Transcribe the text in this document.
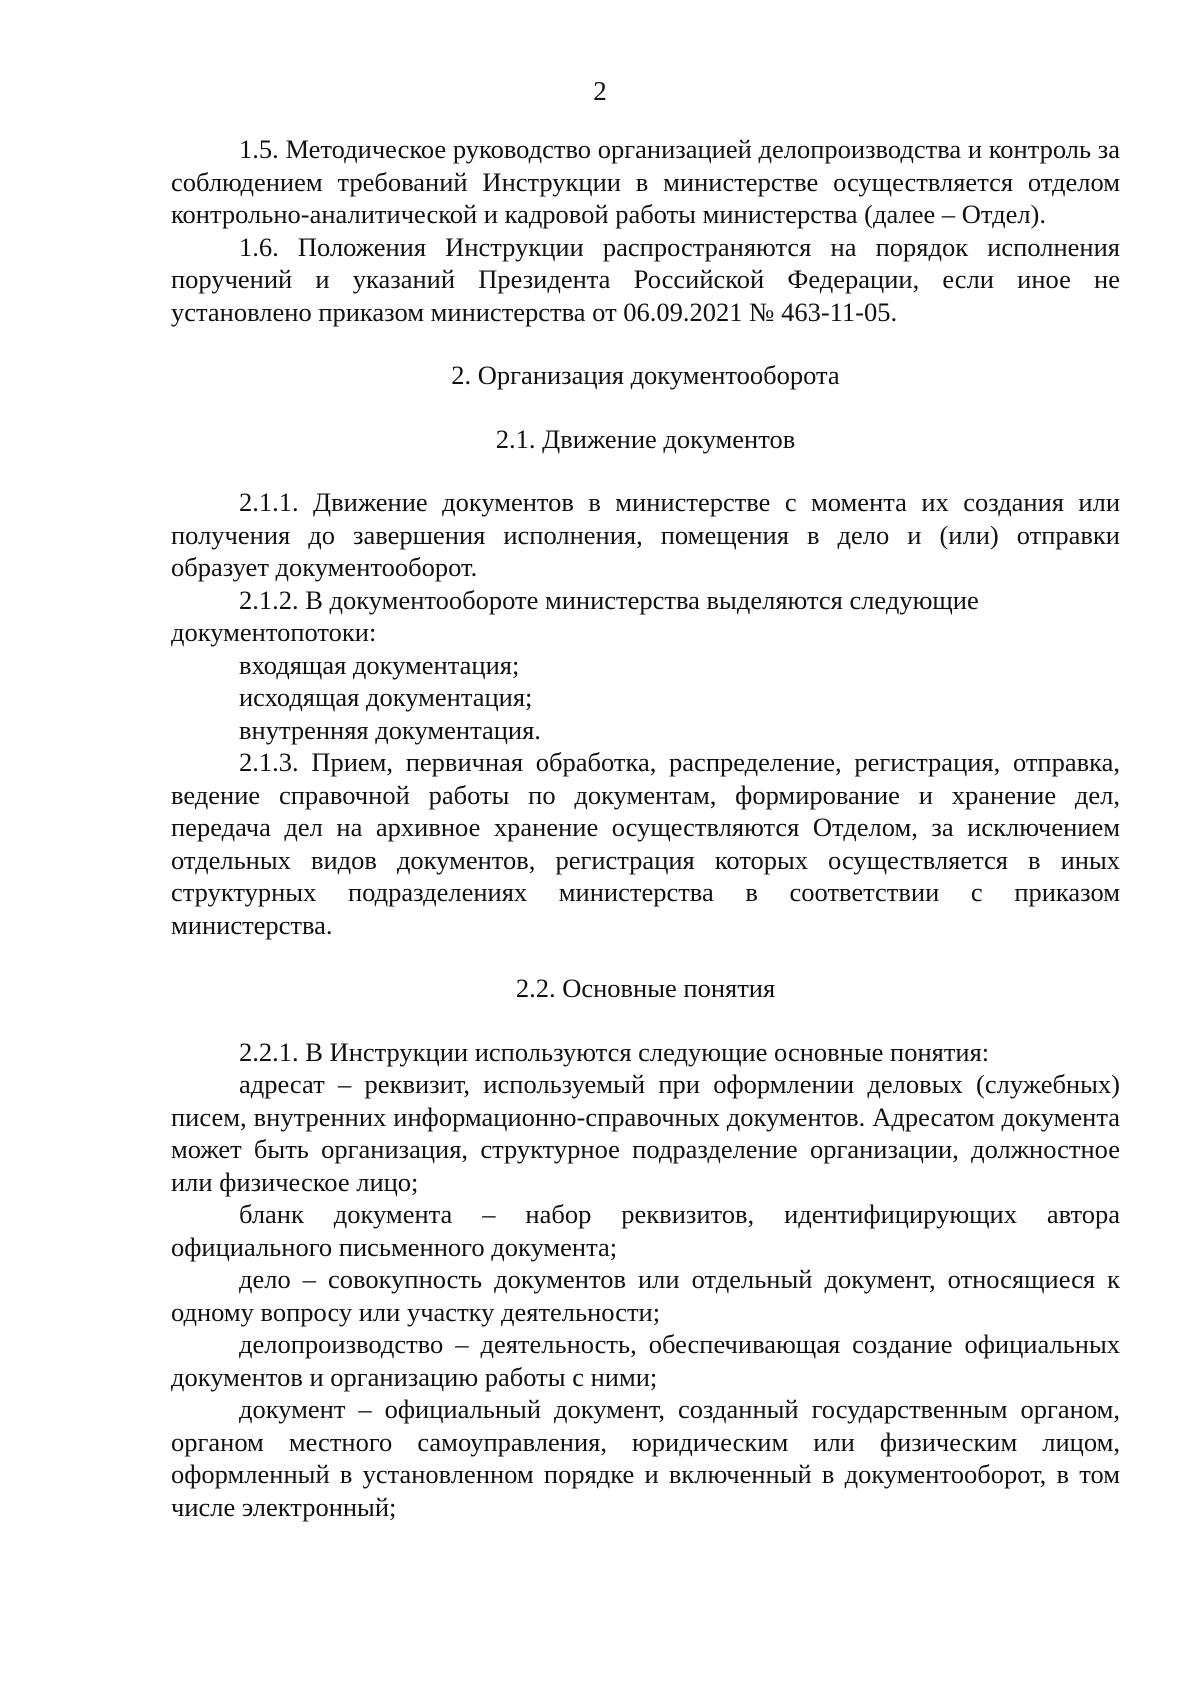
2

1.5. Методическое руководство организацией делопроизводства и контроль за соблюдением требований Инструкции в министерстве осуществляется отделом контрольно-аналитической и кадровой работы министерства (далее – Отдел).

1.6. Положения Инструкции распространяются на порядок исполнения поручений и указаний Президента Российской Федерации, если иное не установлено приказом министерства от 06.09.2021 № 463-11-05.

2. Организация документооборота

2.1. Движение документов

2.1.1. Движение документов в министерстве с момента их создания или получения до завершения исполнения, помещения в дело и (или) отправки образует документооборот.

2.1.2. В документообороте министерства выделяются следующие документопотоки:

входящая документация;

исходящая документация;

внутренняя документация.

2.1.3. Прием, первичная обработка, распределение, регистрация, отправка, ведение справочной работы по документам, формирование и хранение дел, передача дел на архивное хранение осуществляются Отделом, за исключением отдельных видов документов, регистрация которых осуществляется в иных структурных подразделениях министерства в соответствии с приказом министерства.

2.2. Основные понятия

2.2.1. В Инструкции используются следующие основные понятия:

адресат – реквизит, используемый при оформлении деловых (служебных) писем, внутренних информационно-справочных документов. Адресатом документа может быть организация, структурное подразделение организации, должностное или физическое лицо;

бланк документа – набор реквизитов, идентифицирующих автора официального письменного документа;

дело – совокупность документов или отдельный документ, относящиеся к одному вопросу или участку деятельности;

делопроизводство – деятельность, обеспечивающая создание официальных документов и организацию работы с ними;

документ – официальный документ, созданный государственным органом, органом местного самоуправления, юридическим или физическим лицом, оформленный в установленном порядке и включенный в документооборот, в том числе электронный;
